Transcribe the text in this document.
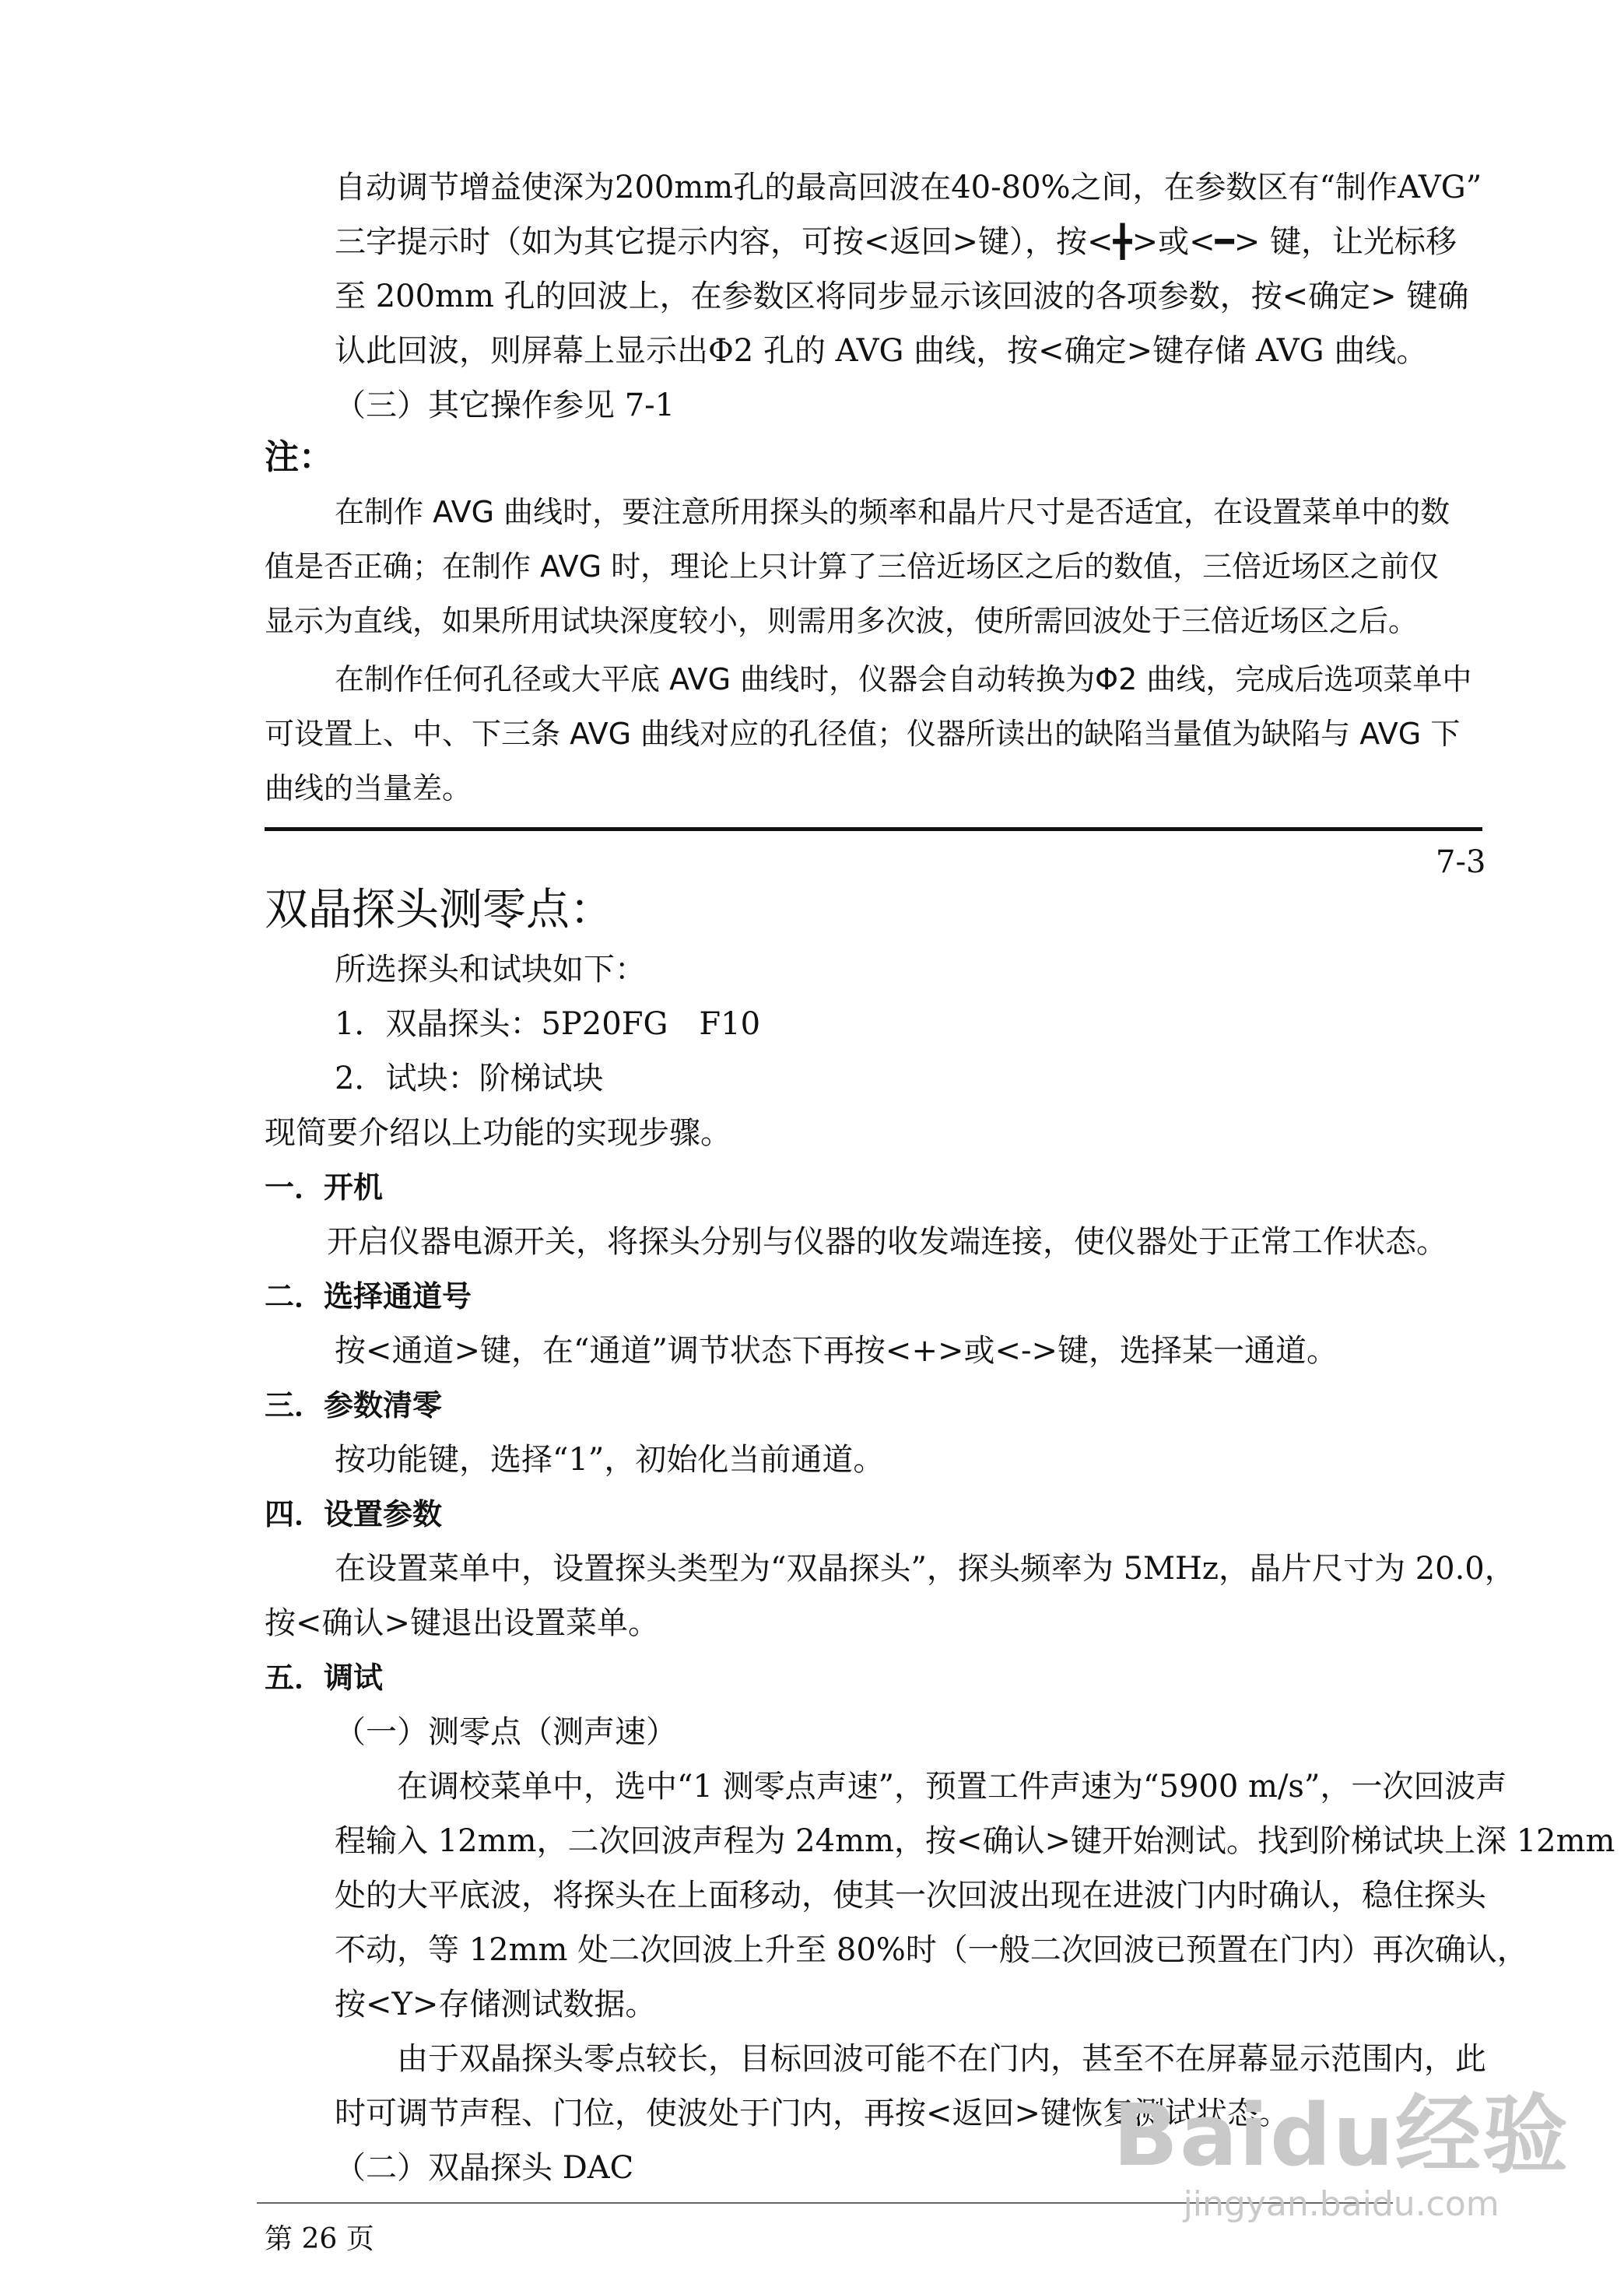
自动调节增益使深为200mm孔的最高回波在40-80%之间，在参数区有“制作AVG”
三字提示时（如为其它提示内容，可按<返回>键），按<╋>或<━> 键，让光标移
至 200mm 孔的回波上，在参数区将同步显示该回波的各项参数，按<确定> 键确
认此回波，则屏幕上显示出Φ2 孔的 AVG 曲线，按<确定>键存储 AVG 曲线。
（三）其它操作参见 7-1
注：
在制作 AVG 曲线时，要注意所用探头的频率和晶片尺寸是否适宜，在设置菜单中的数
值是否正确；在制作 AVG 时，理论上只计算了三倍近场区之后的数值，三倍近场区之前仅
显示为直线，如果所用试块深度较小，则需用多次波，使所需回波处于三倍近场区之后。
在制作任何孔径或大平底 AVG 曲线时，仪器会自动转换为Φ2 曲线，完成后选项菜单中
可设置上、中、下三条 AVG 曲线对应的孔径值；仪器所读出的缺陷当量值为缺陷与 AVG 下
曲线的当量差。
7-3
双晶探头测零点：
所选探头和试块如下：
1．双晶探头：5P20FG　F10
2．试块：阶梯试块
现简要介绍以上功能的实现步骤。
一．开机
开启仪器电源开关，将探头分别与仪器的收发端连接，使仪器处于正常工作状态。
二．选择通道号
按<通道>键，在“通道”调节状态下再按<+>或<->键，选择某一通道。
三．参数清零
按功能键，选择“1”，初始化当前通道。
四．设置参数
在设置菜单中，设置探头类型为“双晶探头”，探头频率为 5MHz，晶片尺寸为 20.0，
按<确认>键退出设置菜单。
五．调试
（一）测零点（测声速）
在调校菜单中，选中“1 测零点声速”，预置工件声速为“5900 m/s”，一次回波声
程输入 12mm，二次回波声程为 24mm，按<确认>键开始测试。找到阶梯试块上深 12mm
处的大平底波，将探头在上面移动，使其一次回波出现在进波门内时确认，稳住探头
不动，等 12mm 处二次回波上升至 80%时（一般二次回波已预置在门内）再次确认，
按<Y>存储测试数据。
由于双晶探头零点较长，目标回波可能不在门内，甚至不在屏幕显示范围内，此
时可调节声程、门位，使波处于门内，再按<返回>键恢复测试状态。
（二）双晶探头 DAC
第 26 页
Baidu经验
jingyan.baidu.com
